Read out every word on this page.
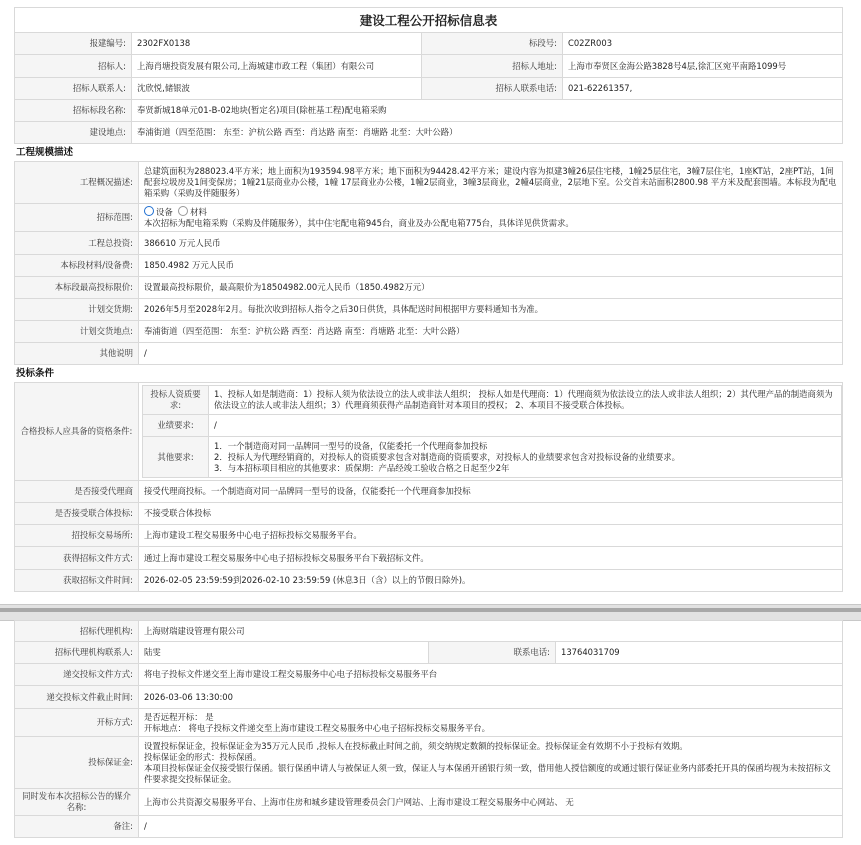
建设工程公开招标信息表			
报建编号:	2302FX0138	标段号:	C02ZR003
招标人:	上海肖塘投资发展有限公司,上海城建市政工程（集团）有限公司	招标人地址:	上海市奉贤区金海公路3828号4层,徐汇区宛平南路1099号
招标人联系人:	沈欣悦,储银波	招标人联系电话:	021-62261357,
招标标段名称:	奉贤新城18单元01-B-02地块(暂定名)项目(除桩基工程)配电箱采购		
建设地点:	奉浦街道（四至范围： 东至：沪杭公路 西至：肖达路 南至：肖塘路 北至：大叶公路）		
工程规模描述
工程概况描述:	总建筑面积为288023.4平方米；地上面积为193594.98平方米；地下面积为94428.42平方米；建设内容为拟建3幢26层住宅楼，1幢25层住宅，3幢7层住宅，1座KT站，2座PT站，1间配套垃圾房及1间变保房；1幢21层商业办公楼，1幢 17层商业办公楼，1幢2层商业，3幢3层商业，2幢4层商业，2层地下室。公交首末站面积2800.98 平方米及配套围墙。本标段为配电箱采购（采购及伴随服务）
招标范围:	设备 材料
本次招标为配电箱采购（采购及伴随服务），其中住宅配电箱945台，商业及办公配电箱775台，具体详见供货需求。

工程总投资:	386610 万元人民币
本标段材料/设备费:	1850.4982 万元人民币
本标段最高投标限价:	设置最高投标限价，最高限价为18504982.00元人民币（1850.4982万元）
计划交货期:	2026年5月至2028年2月。每批次收到招标人指令之后30日供货，具体配送时间根据甲方要料通知书为准。
计划交货地点:	奉浦街道（四至范围： 东至：沪杭公路 西至：肖达路 南至：肖塘路 北至：大叶公路）
其他说明	/
投标条件
合格投标人应具备的资格条件:	
投标人资质要求:	1、投标人如是制造商：1）投标人须为依法设立的法人或非法人组织； 投标人如是代理商：1）代理商须为依法设立的法人或非法人组织；2）其代理产品的制造商须为依法设立的法人或非法人组织；3）代理商须获得产品制造商针对本项目的授权； 2、本项目不接受联合体投标。
业绩要求:	/
其他要求:	
1．一个制造商对同一品牌同一型号的设备，仅能委托一个代理商参加投标
2．投标人为代理经销商的，对投标人的资质要求包含对制造商的资质要求，对投标人的业绩要求包含对投标设备的业绩要求。
3．与本招标项目相应的其他要求：质保期：产品经竣工验收合格之日起至少2年

是否接受代理商	接受代理商投标。一个制造商对同一品牌同一型号的设备，仅能委托一个代理商参加投标
是否接受联合体投标:	不接受联合体投标
招投标交易场所:	上海市建设工程交易服务中心电子招标投标交易服务平台。
获得招标文件方式:	通过上海市建设工程交易服务中心电子招标投标交易服务平台下载招标文件。
获取招标文件时间:	2026-02-05 23:59:59到2026-02-10 23:59:59 (休息3日（含）以上的节假日除外)。
招标代理机构:	上海财瑞建设管理有限公司		
招标代理机构联系人:	陆雯	联系电话:	13764031709
递交投标文件方式:	将电子投标文件递交至上海市建设工程交易服务中心电子招标投标交易服务平台		
递交投标文件截止时间:	2026-03-06 13:30:00		
开标方式:	是否远程开标： 是
开标地点： 将电子投标文件递交至上海市建设工程交易服务中心电子招标投标交易服务平台。		

投标保证金:	设置投标保证金，投标保证金为35万元人民币 ,投标人在投标截止时间之前，须交纳规定数额的投标保证金。投标保证金有效期不小于投标有效期。
投标保证金的形式：投标保函。
本项目投标保证金仅接受银行保函。银行保函申请人与被保证人须一致，保证人与本保函开函银行须一致，借用他人授信额度的或通过银行保证业务内部委托开具的保函均视为未按招标文件要求提交投标保证金。		

同时发布本次招标公告的媒介名称:	上海市公共资源交易服务平台、上海市住房和城乡建设管理委员会门户网站、上海市建设工程交易服务中心网站、 无		
备注:	/		
